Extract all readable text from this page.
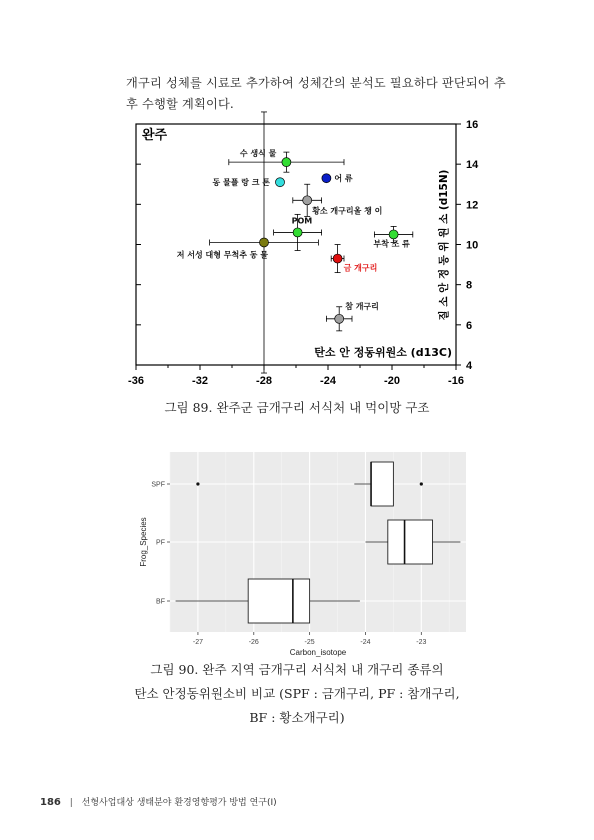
개구리 성체를 시료로 추가하여 성체간의 분석도 필요하다 판단되어 추
후 수행할 계획이다.
-36	-32	-28	-24	-20	-16
4
6
8
10
12
14
16
완주
탄소 안 정동위원소 (d13C)
질 소 안 정 동 위 원 소 (d15N)
수 생식 물
동 물플 랑 크 톤	어 류
황소 개구리올 챙 이
POM
저 서성 대형 무척추 동 물
금 개구리
부착 조 류
참 개구리
그림 89. 완주군 금개구리 서식처 내 먹이망 구조
-27	-26	-25	-24	-23
SPF
PF
BF
Carbon_isotope
Frog_Species
그림 90. 완주 지역 금개구리 서식처 내 개구리 종류의
탄소 안정동위원소비 비교 (SPF : 금개구리, PF : 참개구리,
BF : 황소개구리)
186 | 선형사업대상 생태분야 환경영향평가 방법 연구(Ⅰ)
